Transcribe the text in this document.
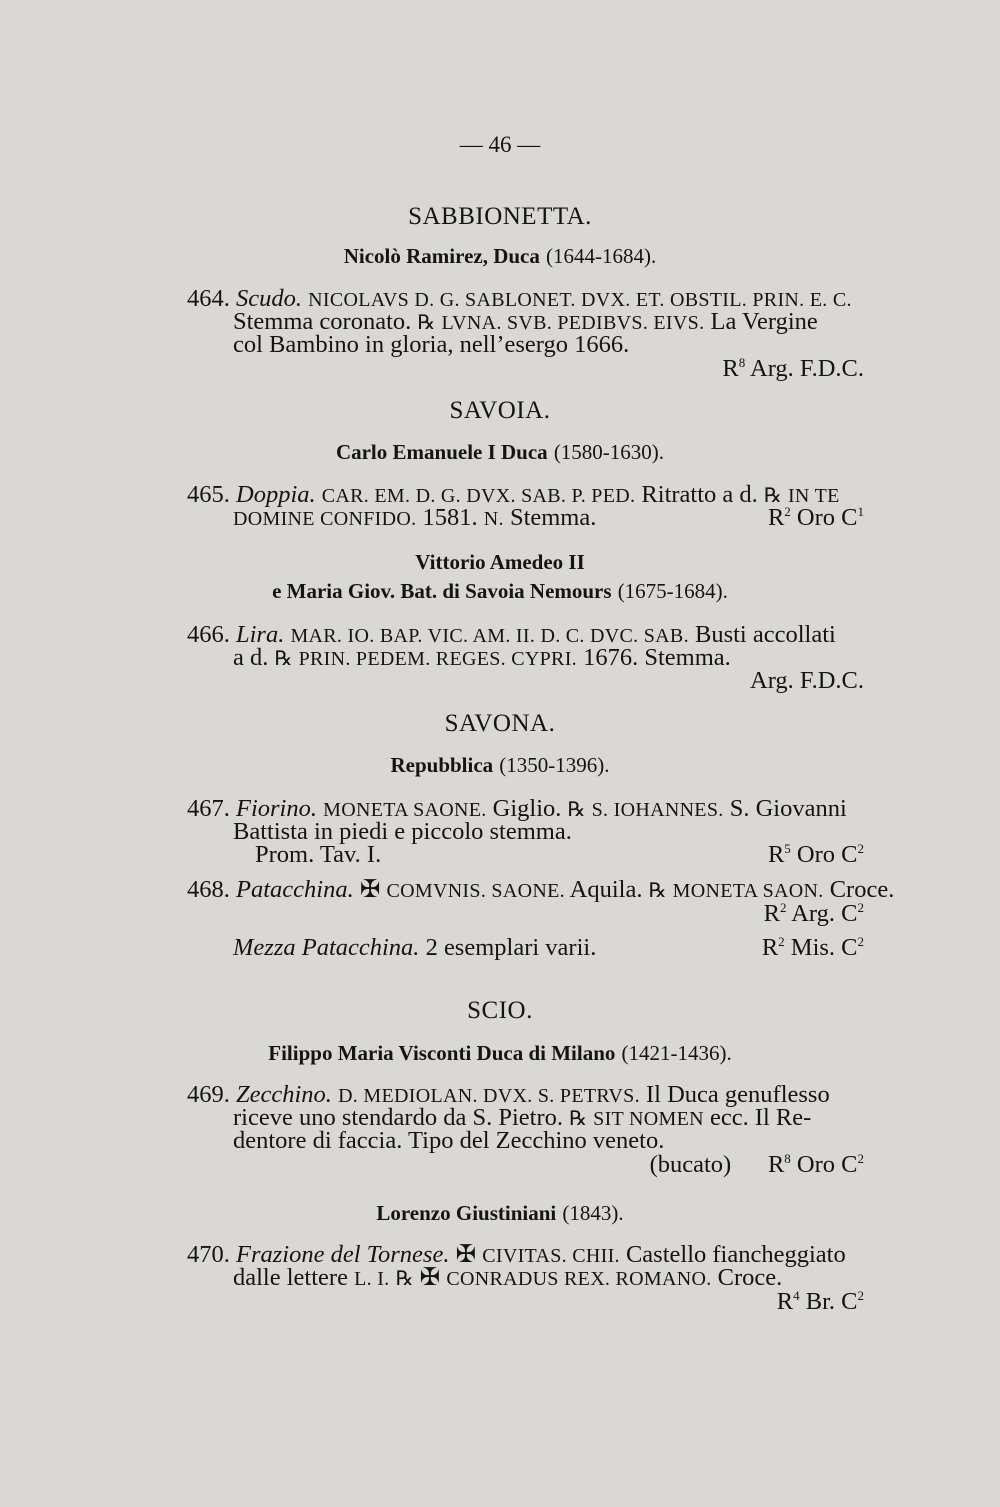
— 46 —
SABBIONETTA.
Nicolò Ramirez, Duca (1644-1684).
464. Scudo. NICOLAVS D. G. SABLONET. DVX. ET. OBSTIL. PRIN. E. C.
Stemma coronato. ℞ LVNA. SVB. PEDIBVS. EIVS. La Vergine
col Bambino in gloria, nell’esergo 1666.
$R^8$ Arg. F.D.C.
SAVOIA.
Carlo Emanuele I Duca (1580-1630).
465. Doppia. CAR. EM. D. G. DVX. SAB. P. PED. Ritratto a d. ℞ IN TE
DOMINE CONFIDO. 1581. N. Stemma.	$R^2$ Oro $C^1$
Vittorio Amedeo II
e Maria Giov. Bat. di Savoia Nemours (1675-1684).
466. Lira. MAR. IO. BAP. VIC. AM. II. D. C. DVC. SAB. Busti accollati
a d. ℞ PRIN. PEDEM. REGES. CYPRI. 1676. Stemma.
Arg. F.D.C.
SAVONA.
Repubblica (1350-1396).
467. Fiorino. MONETA SAONE. Giglio. ℞ S. IOHANNES. S. Giovanni
Battista in piedi e piccolo stemma.
Prom. Tav. I.	$R^5$ Oro $C^2$
468. Patacchina. ✠ COMVNIS. SAONE. Aquila. ℞ MONETA SAON. Croce.
$R^2$ Arg. $C^2$
Mezza Patacchina. 2 esemplari varii.	$R^2$ Mis. $C^2$
SCIO.
Filippo Maria Visconti Duca di Milano (1421-1436).
469. Zecchino. D. MEDIOLAN. DVX. S. PETRVS. Il Duca genuflesso
riceve uno stendardo da S. Pietro. ℞ SIT NOMEN ecc. Il Re-
dentore di faccia. Tipo del Zecchino veneto.
(bucato)      $R^8$ Oro $C^2$
Lorenzo Giustiniani (1843).
470. Frazione del Tornese. ✠ CIVITAS. CHII. Castello fiancheggiato
dalle lettere L. I. ℞ ✠ CONRADUS REX. ROMANO. Croce.
$R^4$ Br. $C^2$
